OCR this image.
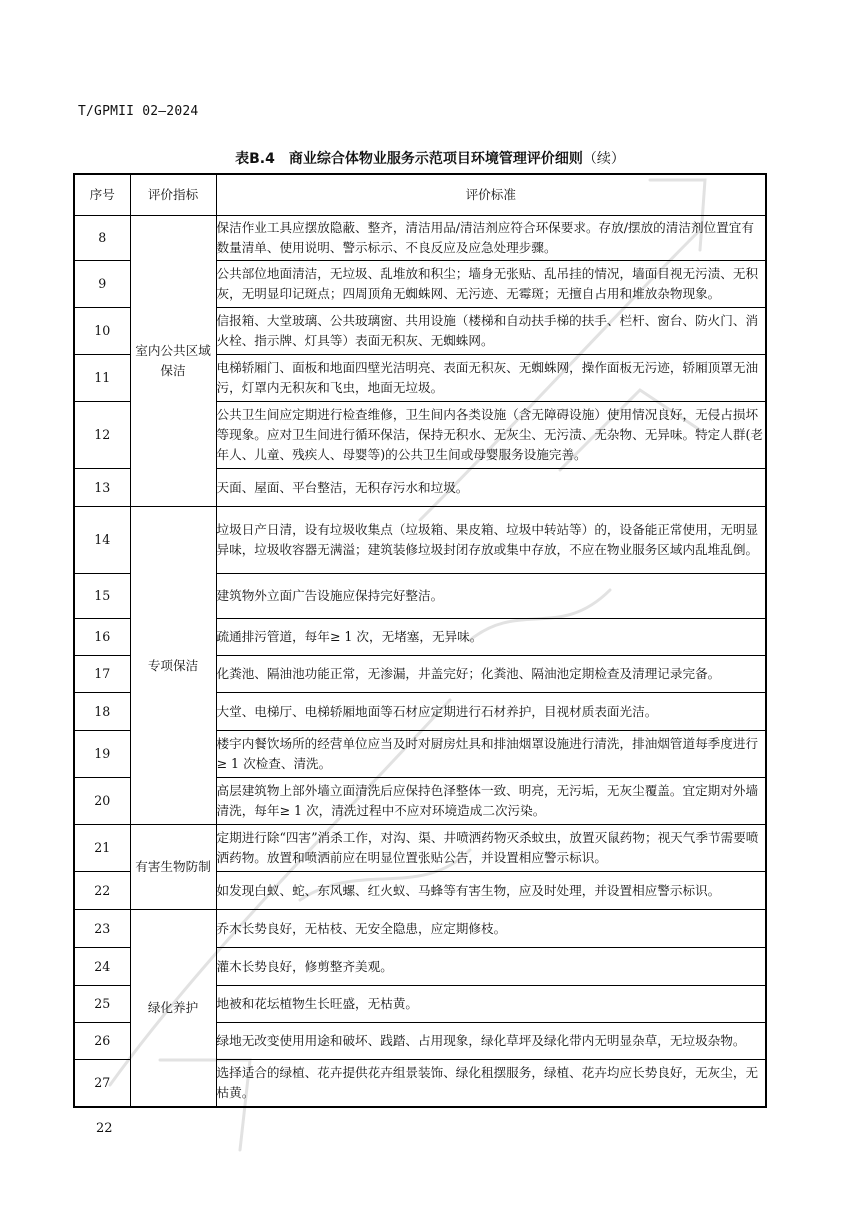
T/GPMII 02—2024
表B.4　商业综合体物业服务示范项目环境管理评价细则（续）
序号	评价指标	评价标准
8	室内公共区域保洁	保洁作业工具应摆放隐蔽、整齐，清洁用品/清洁剂应符合环保要求。存放/摆放的清洁剂位置宜有数量清单、使用说明、警示标示、不良反应及应急处理步骤。
9		公共部位地面清洁，无垃圾、乱堆放和积尘；墙身无张贴、乱吊挂的情况，墙面目视无污渍、无积灰，无明显印记斑点；四周顶角无蜘蛛网、无污迹、无霉斑；无擅自占用和堆放杂物现象。
10		信报箱、大堂玻璃、公共玻璃窗、共用设施（楼梯和自动扶手梯的扶手、栏杆、窗台、防火门、消火栓、指示牌、灯具等）表面无积灰、无蜘蛛网。
11		电梯轿厢门、面板和地面四壁光洁明亮、表面无积灰、无蜘蛛网，操作面板无污迹，轿厢顶罩无油污，灯罩内无积灰和飞虫，地面无垃圾。
12		公共卫生间应定期进行检查维修，卫生间内各类设施（含无障碍设施）使用情况良好，无侵占损坏等现象。应对卫生间进行循环保洁，保持无积水、无灰尘、无污渍、无杂物、无异味。特定人群(老年人、儿童、残疾人、母婴等)的公共卫生间或母婴服务设施完善。
13		天面、屋面、平台整洁，无积存污水和垃圾。
14	专项保洁	垃圾日产日清，设有垃圾收集点（垃圾箱、果皮箱、垃圾中转站等）的，设备能正常使用，无明显异味，垃圾收容器无满溢；建筑装修垃圾封闭存放或集中存放，不应在物业服务区域内乱堆乱倒。
15		建筑物外立面广告设施应保持完好整洁。
16		疏通排污管道，每年≥ 1 次，无堵塞，无异味。
17		化粪池、隔油池功能正常，无渗漏，井盖完好；化粪池、隔油池定期检查及清理记录完备。
18		大堂、电梯厅、电梯轿厢地面等石材应定期进行石材养护，目视材质表面光洁。
19		楼宇内餐饮场所的经营单位应当及时对厨房灶具和排油烟罩设施进行清洗，排油烟管道每季度进行≥ 1 次检查、清洗。
20		高层建筑物上部外墙立面清洗后应保持色泽整体一致、明亮，无污垢，无灰尘覆盖。宜定期对外墙清洗，每年≥ 1 次，清洗过程中不应对环境造成二次污染。
21	有害生物防制	定期进行除“四害”消杀工作，对沟、渠、井喷洒药物灭杀蚊虫，放置灭鼠药物；视天气季节需要喷洒药物。放置和喷洒前应在明显位置张贴公告，并设置相应警示标识。
22		如发现白蚁、蛇、东风螺、红火蚁、马蜂等有害生物，应及时处理，并设置相应警示标识。
23	绿化养护	乔木长势良好，无枯枝、无安全隐患，应定期修枝。
24		灌木长势良好，修剪整齐美观。
25		地被和花坛植物生长旺盛，无枯黄。
26		绿地无改变使用用途和破坏、践踏、占用现象，绿化草坪及绿化带内无明显杂草，无垃圾杂物。
27		选择适合的绿植、花卉提供花卉组景装饰、绿化租摆服务，绿植、花卉均应长势良好，无灰尘，无枯黄。
22
